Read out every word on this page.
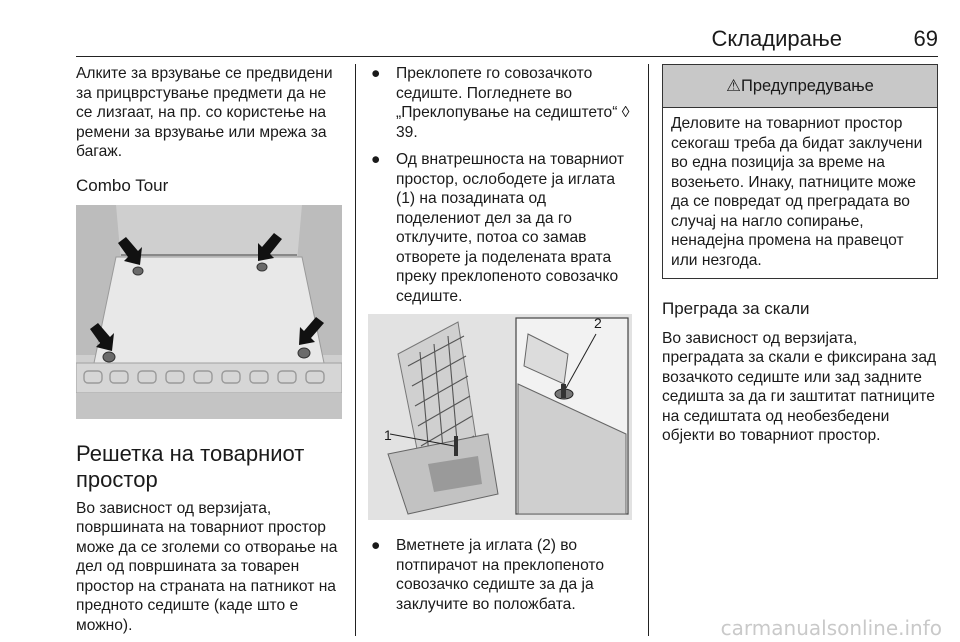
Складирање	69

Алките за врзување се предвидени за прицврстување предмети да не се лизгаат, на пр. со користење на ремени за врзување или мрежа за багаж.

Combo Tour

Решетка на товарниот простор

Во зависност од верзијата, површината на товарниот простор може да се зголеми со отворање на дел од површината за товарен простор на страната на патникот на предното седиште (каде што е можно).

● Преклопете го совозачкото седиште. Погледнете во „Преклопување на седиштето“ ◊ 39.

● Од внатрешноста на товарниот простор, ослободете ја иглата (1) на позадината од поделениот дел за да го отклучите, потоа со замав отворете ја поделената врата преку преклопеното совозачко седиште.

1
2

● Вметнете ја иглата (2) во потпирачот на преклопеното совозачко седиште за да ја заклучите во положбата.

⚠Предупредување
Деловите на товарниот простор секогаш треба да бидат заклучени во една позиција за време на возењето. Инаку, патниците може да се повредат од преградата во случај на нагло сопирање, ненадејна промена на правецот или незгода.

Преграда за скали

Во зависност од верзијата, преградата за скали е фиксирана зад возачкото седиште или зад задните седишта за да ги заштитат патниците на седиштата од необезбедени објекти во товарниот простор.

carmanualsonline.info
